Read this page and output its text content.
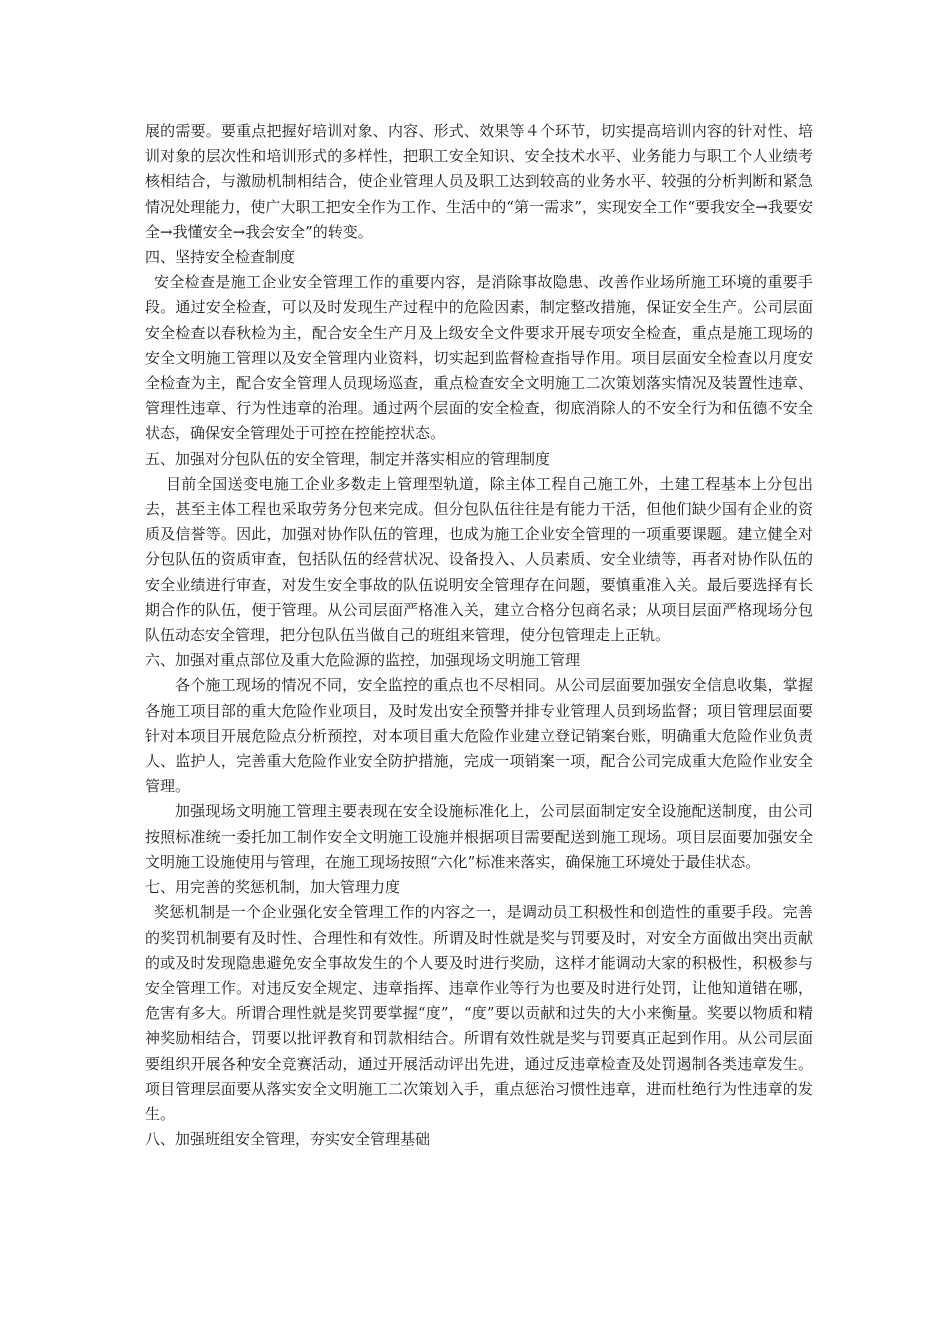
展的需要。要重点把握好培训对象、内容、形式、效果等４个环节，切实提高培训内容的针对性、培训对象的层次性和培训形式的多样性，把职工安全知识、安全技术水平、业务能力与职工个人业绩考核相结合，与激励机制相结合，使企业管理人员及职工达到较高的业务水平、较强的分析判断和紧急情况处理能力，使广大职工把安全作为工作、生活中的“第一需求”，实现安全工作“要我安全→我要安全→我懂安全→我会安全”的转变。

四、坚持安全检查制度

安全检查是施工企业安全管理工作的重要内容，是消除事故隐患、改善作业场所施工环境的重要手段。通过安全检查，可以及时发现生产过程中的危险因素，制定整改措施，保证安全生产。公司层面安全检查以春秋检为主，配合安全生产月及上级安全文件要求开展专项安全检查，重点是施工现场的安全文明施工管理以及安全管理内业资料，切实起到监督检查指导作用。项目层面安全检查以月度安全检查为主，配合安全管理人员现场巡查，重点检查安全文明施工二次策划落实情况及装置性违章、管理性违章、行为性违章的治理。通过两个层面的安全检查，彻底消除人的不安全行为和伍德不安全状态，确保安全管理处于可控在控能控状态。

五、加强对分包队伍的安全管理，制定并落实相应的管理制度

目前全国送变电施工企业多数走上管理型轨道，除主体工程自己施工外，土建工程基本上分包出去，甚至主体工程也采取劳务分包来完成。但分包队伍往往是有能力干活，但他们缺少国有企业的资质及信誉等。因此，加强对协作队伍的管理，也成为施工企业安全管理的一项重要课题。建立健全对分包队伍的资质审查，包括队伍的经营状况、设备投入、人员素质、安全业绩等，再者对协作队伍的安全业绩进行审查，对发生安全事故的队伍说明安全管理存在问题，要慎重准入关。最后要选择有长期合作的队伍，便于管理。从公司层面严格准入关，建立合格分包商名录；从项目层面严格现场分包队伍动态安全管理，把分包队伍当做自己的班组来管理，使分包管理走上正轨。

六、加强对重点部位及重大危险源的监控，加强现场文明施工管理

各个施工现场的情况不同，安全监控的重点也不尽相同。从公司层面要加强安全信息收集，掌握各施工项目部的重大危险作业项目，及时发出安全预警并排专业管理人员到场监督；项目管理层面要针对本项目开展危险点分析预控，对本项目重大危险作业建立登记销案台账，明确重大危险作业负责人、监护人，完善重大危险作业安全防护措施，完成一项销案一项，配合公司完成重大危险作业安全管理。

加强现场文明施工管理主要表现在安全设施标准化上，公司层面制定安全设施配送制度，由公司按照标准统一委托加工制作安全文明施工设施并根据项目需要配送到施工现场。项目层面要加强安全文明施工设施使用与管理，在施工现场按照“六化”标准来落实，确保施工环境处于最佳状态。

七、用完善的奖惩机制，加大管理力度

奖惩机制是一个企业强化安全管理工作的内容之一，是调动员工积极性和创造性的重要手段。完善的奖罚机制要有及时性、合理性和有效性。所谓及时性就是奖与罚要及时，对安全方面做出突出贡献的或及时发现隐患避免安全事故发生的个人要及时进行奖励，这样才能调动大家的积极性，积极参与安全管理工作。对违反安全规定、违章指挥、违章作业等行为也要及时进行处罚，让他知道错在哪，危害有多大。所谓合理性就是奖罚要掌握“度”，“度”要以贡献和过失的大小来衡量。奖要以物质和精神奖励相结合，罚要以批评教育和罚款相结合。所谓有效性就是奖与罚要真正起到作用。从公司层面要组织开展各种安全竞赛活动，通过开展活动评出先进，通过反违章检查及处罚遏制各类违章发生。项目管理层面要从落实安全文明施工二次策划入手，重点惩治习惯性违章，进而杜绝行为性违章的发生。

八、加强班组安全管理，夯实安全管理基础
